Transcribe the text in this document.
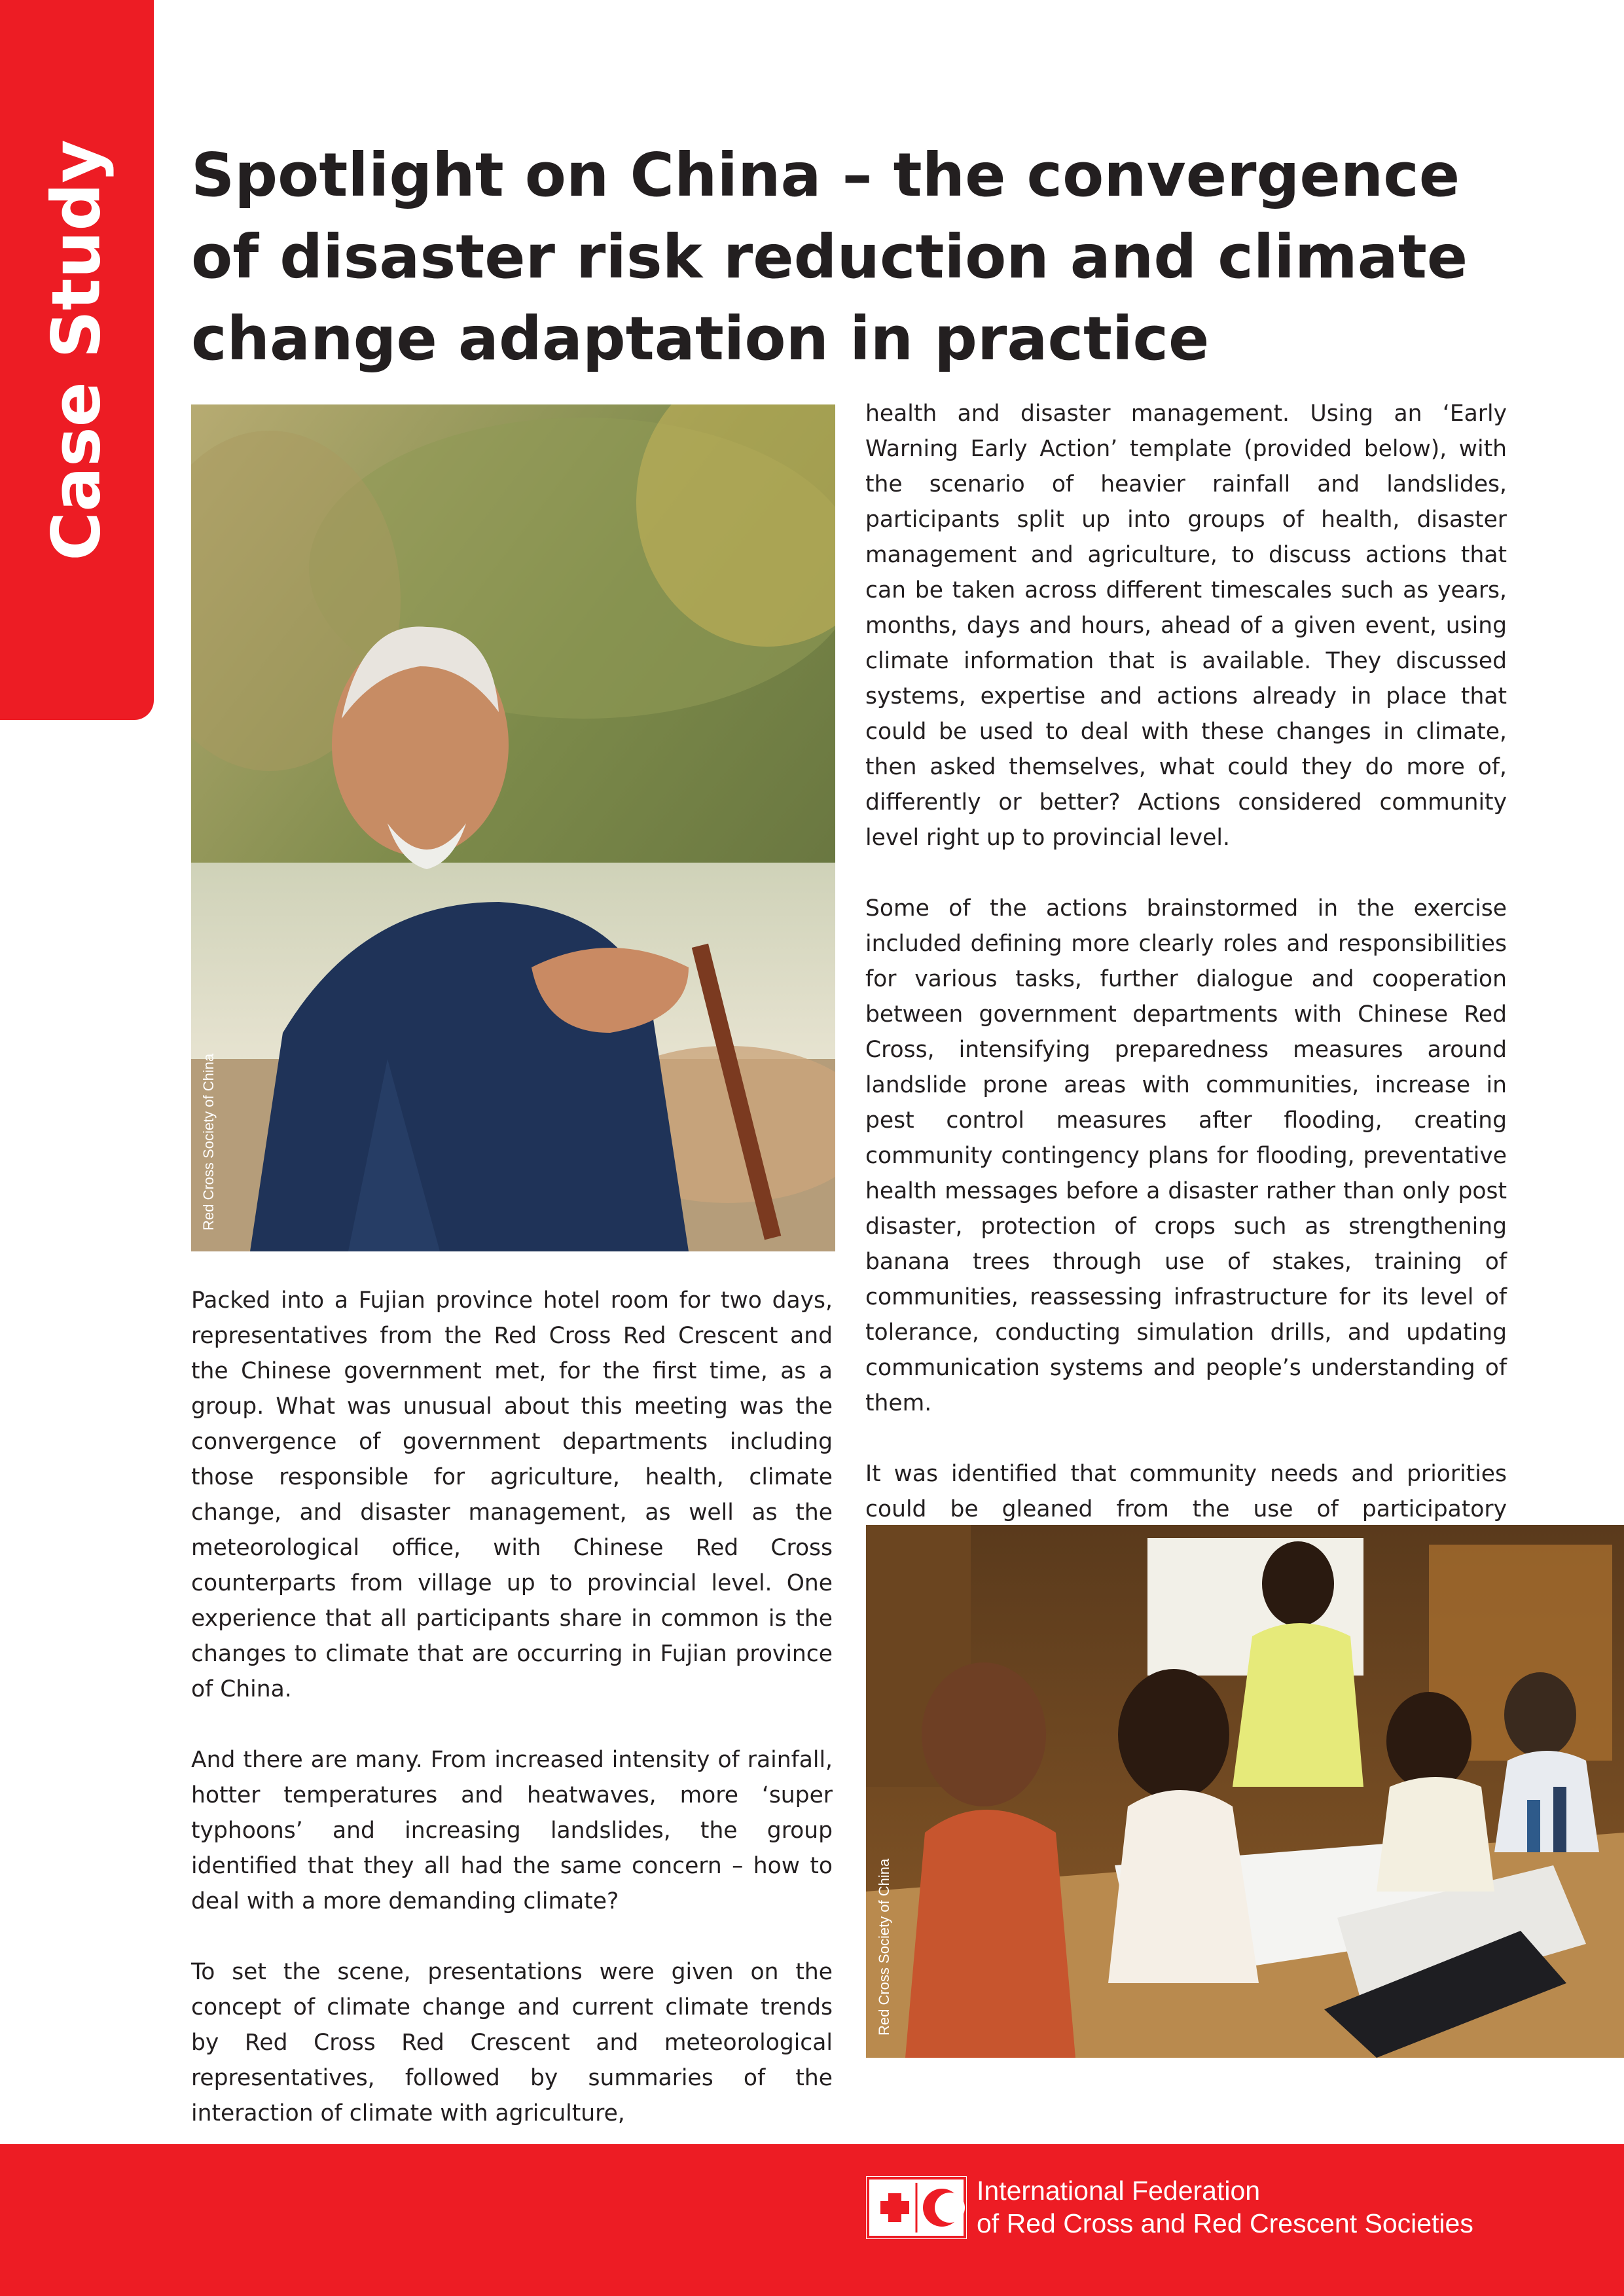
Case Study Spotlight on China – the convergence of disaster risk reduction and climate change adaptation in practice
Red Cross Society of China

Packed into a Fujian province hotel room for two days, representatives from the Red Cross Red Crescent and the Chinese government met, for the first time, as a group. What was unusual about this meeting was the convergence of government departments including those responsible for agriculture, health, climate change, and disaster management, as well as the meteorological office, with Chinese Red Cross counterparts from village up to provincial level. One experience that all participants share in common is the changes to climate that are occurring in Fujian province of China.

And there are many. From increased intensity of rainfall, hotter temperatures and heatwaves, more ‘super typhoons’ and increasing landslides, the group identified that they all had the same concern – how to deal with a more demanding climate?

To set the scene, presentations were given on the concept of climate change and current climate trends by Red Cross Red Crescent and meteorological representatives, followed by summaries of the interaction of climate with agriculture,

health and disaster management. Using an ‘Early Warning Early Action’ template (provided below), with the scenario of heavier rainfall and landslides, participants split up into groups of health, disaster management and agriculture, to discuss actions that can be taken across different timescales such as years, months, days and hours, ahead of a given event, using climate information that is available. They discussed systems, expertise and actions already in place that could be used to deal with these changes in climate, then asked themselves, what could they do more of, differently or better? Actions considered community level right up to provincial level.

Some of the actions brainstormed in the exercise included defining more clearly roles and responsibilities for various tasks, further dialogue and cooperation between government departments with Chinese Red Cross, intensifying preparedness measures around landslide prone areas with communities, increase in pest control measures after flooding, creating community contingency plans for flooding, preventative health messages before a disaster rather than only post disaster, protection of crops such as strengthening banana trees through use of stakes, training of communities, reassessing infrastructure for its level of tolerance, conducting simulation drills, and updating communication systems and people’s understanding of them.

It was identified that community needs and priorities could be gleaned from the use of participatory

Red Cross Society of China
International Federation
of Red Cross and Red Crescent Societies
